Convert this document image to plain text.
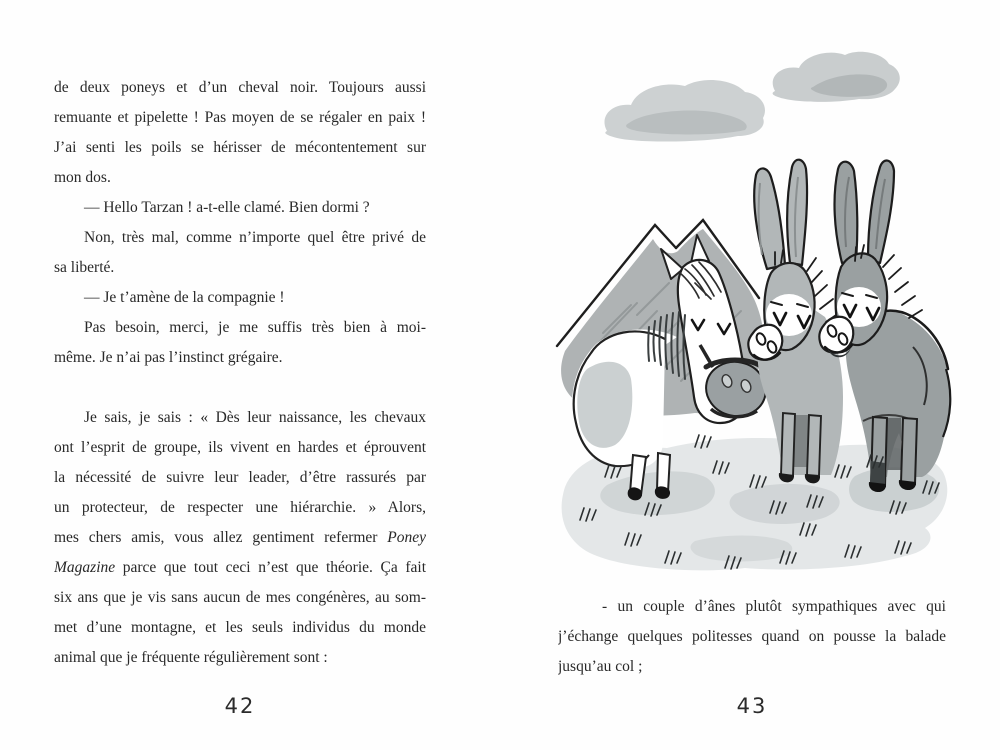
de deux poneys et d’un cheval noir. Toujours aussi
remuante et pipelette ! Pas moyen de se régaler en paix !
J’ai senti les poils se hérisser de mécontentement sur
mon dos.
— Hello Tarzan ! a-t-elle clamé. Bien dormi ?
Non, très mal, comme n’importe quel être privé de
sa liberté.
— Je t’amène de la compagnie !
Pas besoin, merci, je me suffis très bien à moi-
même. Je n’ai pas l’instinct grégaire.
Je sais, je sais : « Dès leur naissance, les chevaux
ont l’esprit de groupe, ils vivent en hardes et éprouvent
la nécessité de suivre leur leader, d’être rassurés par
un protecteur, de respecter une hiérarchie. » Alors,
mes chers amis, vous allez gentiment refermer Poney
Magazine parce que tout ceci n’est que théorie. Ça fait
six ans que je vis sans aucun de mes congénères, au som-
met d’une montagne, et les seuls individus du monde
animal que je fréquente régulièrement sont :
- un couple d’ânes plutôt sympathiques avec qui
j’échange quelques politesses quand on pousse la balade
jusqu’au col ;
42	43
